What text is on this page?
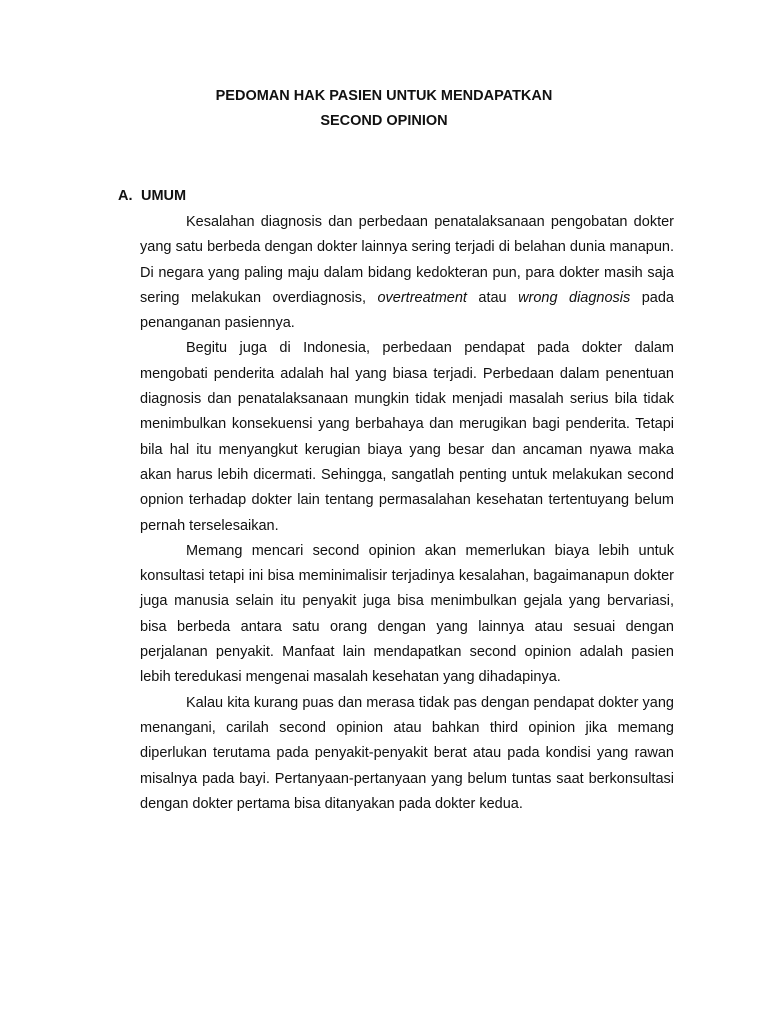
PEDOMAN HAK PASIEN UNTUK MENDAPATKAN
SECOND OPINION
A. UMUM

Kesalahan diagnosis dan perbedaan penatalaksanaan pengobatan dokter yang satu berbeda dengan dokter lainnya sering terjadi di belahan dunia manapun. Di negara yang paling maju dalam bidang kedokteran pun, para dokter masih saja sering melakukan overdiagnosis, overtreatment atau wrong diagnosis pada penanganan pasiennya.

Begitu juga di Indonesia, perbedaan pendapat pada dokter dalam mengobati penderita adalah hal yang biasa terjadi. Perbedaan dalam penentuan diagnosis dan penatalaksanaan mungkin tidak menjadi masalah serius bila tidak menimbulkan konsekuensi yang berbahaya dan merugikan bagi penderita. Tetapi bila hal itu menyangkut kerugian biaya yang besar dan ancaman nyawa maka akan harus lebih dicermati. Sehingga, sangatlah penting untuk melakukan second opnion terhadap dokter lain tentang permasalahan kesehatan tertentuyang belum pernah terselesaikan.

Memang mencari second opinion akan memerlukan biaya lebih untuk konsultasi tetapi ini bisa meminimalisir terjadinya kesalahan, bagaimanapun dokter juga manusia selain itu penyakit juga bisa menimbulkan gejala yang bervariasi, bisa berbeda antara satu orang dengan yang lainnya atau sesuai dengan perjalanan penyakit. Manfaat lain mendapatkan second opinion adalah pasien lebih teredukasi mengenai masalah kesehatan yang dihadapinya.

Kalau kita kurang puas dan merasa tidak pas dengan pendapat dokter yang menangani, carilah second opinion atau bahkan third opinion jika memang diperlukan terutama pada penyakit-penyakit berat atau pada kondisi yang rawan misalnya pada bayi. Pertanyaan-pertanyaan yang belum tuntas saat berkonsultasi dengan dokter pertama bisa ditanyakan pada dokter kedua.
